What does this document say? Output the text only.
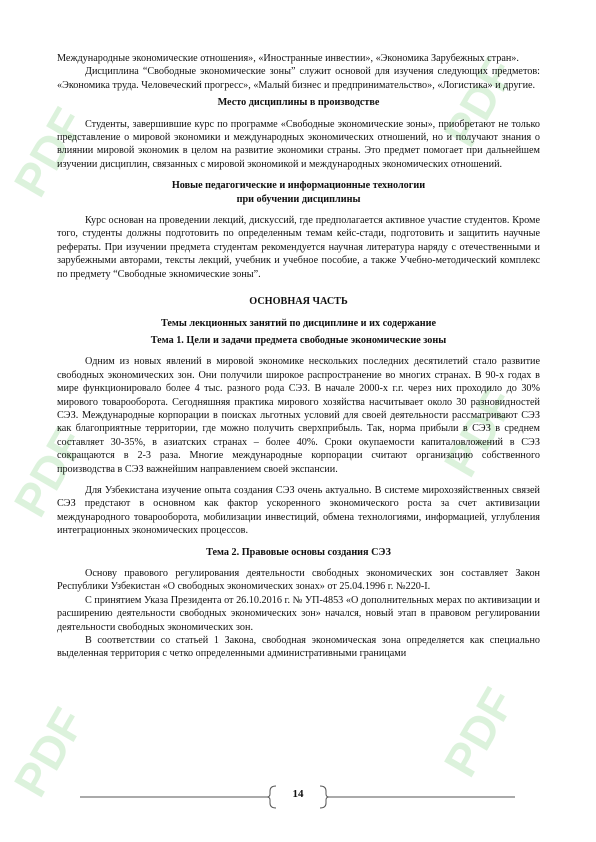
PDF	PDF
PDF	PDF
PDF	PDF

Международные экономические отношения», «Иностранные инвестии», «Экономика Зарубежных стран».

Дисциплина “Свободные экономические зоны” служит основой для изучения следующих предметов: «Экономика труда. Человеческий прогресс», «Малый бизнес и предпринимательство», «Логистика» и другие.

Место дисциплины в производстве

Студенты, завершившие курс по программе «Свободные экономические зоны», приобретают не только представление о мировой экономики и международных экономических отношений, но и получают знания о влиянии мировой экономик в целом на развитие экономики страны. Это предмет помогает при дальнейшем изучении дисциплин, связанных с мировой экономикой и международных экономических отношений.

Новые педагогические и информационные технологии

при обучении дисциплины

Курс основан на проведении лекций, дискуссий, где предполагается активное участие студентов. Кроме того, студенты должны подготовить по определенным темам кейс-стади, подготовить и защитить научные рефераты. При изучении предмета студентам рекомендуется научная литература наряду с отечественными и зарубежными авторами, тексты лекций, учебник и учебное пособие, а также Учебно-методический комплекс по предмету “Свободные экномические зоны”.

ОСНОВНАЯ ЧАСТЬ

Темы лекционных занятий по дисциплине и их содержание

Тема 1. Цели и задачи предмета свободные экономические зоны

Одним из новых явлений в мировой экономике нескольких последних десятилетий стало развитие свободных экономических зон. Они получили широкое распространение во многих странах. В 90-х годах в мире функционировало более 4 тыс. разного рода СЭЗ. В начале 2000-х г.г. через них проходило до 30% мирового товарооборота. Сегодняшняя практика мирового хозяйства насчитывает около 30 разновидностей СЭЗ. Международные корпорации в поисках льготных условий для своей деятельности рассматривают СЭЗ как благоприятные территории, где можно получить сверхприбыль. Так, норма прибыли в СЭЗ в среднем составляет 30-35%, в азиатских странах – более 40%. Сроки окупаемости капиталовложений в СЭЗ сокращаются в 2-3 раза. Многие международные корпорации считают организацию собственного производства в СЭЗ важнейшим направлением своей экспансии.

Для Узбекистана изучение опыта создания СЭЗ очень актуально. В системе мирохозяйственных связей СЭЗ предстают в основном как фактор ускоренного экономического роста за счет активизации международного товарооборота, мобилизации инвестиций, обмена технологиями, информацией, углубления интеграционных экономических процессов.

Тема 2. Правовые основы создания СЭЗ

Основу правового регулирования деятельности свободных экономических зон составляет Закон Республики Узбекистан «О свободных экономических зонах» от 25.04.1996 г. №220-I.

С принятием Указа Президента от 26.10.2016 г. № УП-4853 «О дополнительных мерах по активизации и расширению деятельности свободных экономических зон» начался, новый этап в правовом регулировании деятельности свободных экономических зон.

В соответствии со статьей 1 Закона, свободная экономическая зона определяется как специально выделенная территория с четко определенными административными границами

14
